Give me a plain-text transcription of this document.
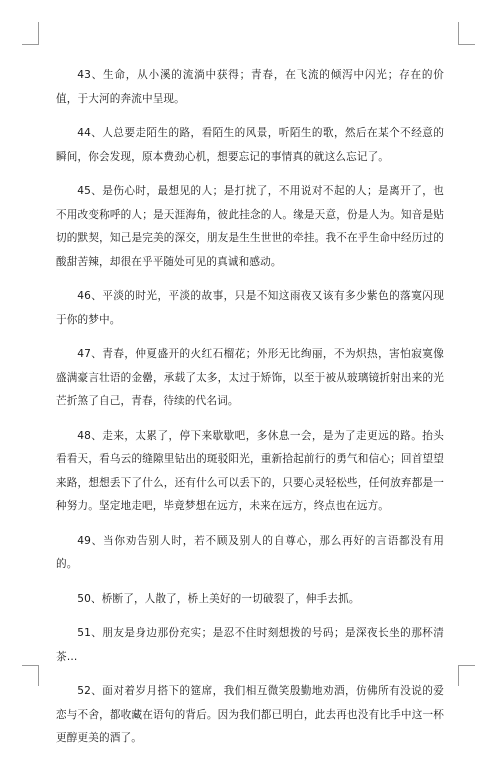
43、生命，从小溪的流淌中获得；青春，在飞流的倾泻中闪光；存在的价值，于大河的奔流中呈现。

44、人总要走陌生的路，看陌生的风景，听陌生的歌，然后在某个不经意的瞬间，你会发现，原本费劲心机，想要忘记的事情真的就这么忘记了。

45、是伤心时，最想见的人；是打扰了，不用说对不起的人；是离开了，也不用改变称呼的人；是天涯海角，彼此挂念的人。缘是天意，份是人为。知音是贴切的默契，知己是完美的深交，朋友是生生世世的牵挂。我不在乎生命中经历过的酸甜苦辣，却很在乎平随处可见的真诚和感动。

46、平淡的时光，平淡的故事，只是不知这雨夜又该有多少紫色的落寞闪现于你的梦中。

47、青春，仲夏盛开的火红石榴花；外形无比绚丽，不为炽热，害怕寂寞像盛满豪言壮语的金罍，承载了太多，太过于矫饰，以至于被从玻璃镜折射出来的光芒折煞了自己，青春，待续的代名词。

48、走来，太累了，停下来歇歇吧，多休息一会，是为了走更远的路。抬头看看天，看乌云的缝隙里钻出的斑驳阳光，重新拾起前行的勇气和信心；回首望望来路，想想丢下了什么，还有什么可以丢下的，只要心灵轻松些，任何放弃都是一种努力。坚定地走吧，毕竟梦想在远方，未来在远方，终点也在远方。

49、当你劝告别人时，若不顾及别人的自尊心，那么再好的言语都没有用的。

50、桥断了，人散了，桥上美好的一切破裂了，伸手去抓。

51、朋友是身边那份充实；是忍不住时刻想拨的号码；是深夜长坐的那杯清茶…

52、面对着岁月搭下的筵席，我们相互微笑殷勤地劝酒，仿佛所有没说的爱恋与不舍，都收藏在语句的背后。因为我们都已明白，此去再也没有比手中这一杯更醇更美的酒了。
